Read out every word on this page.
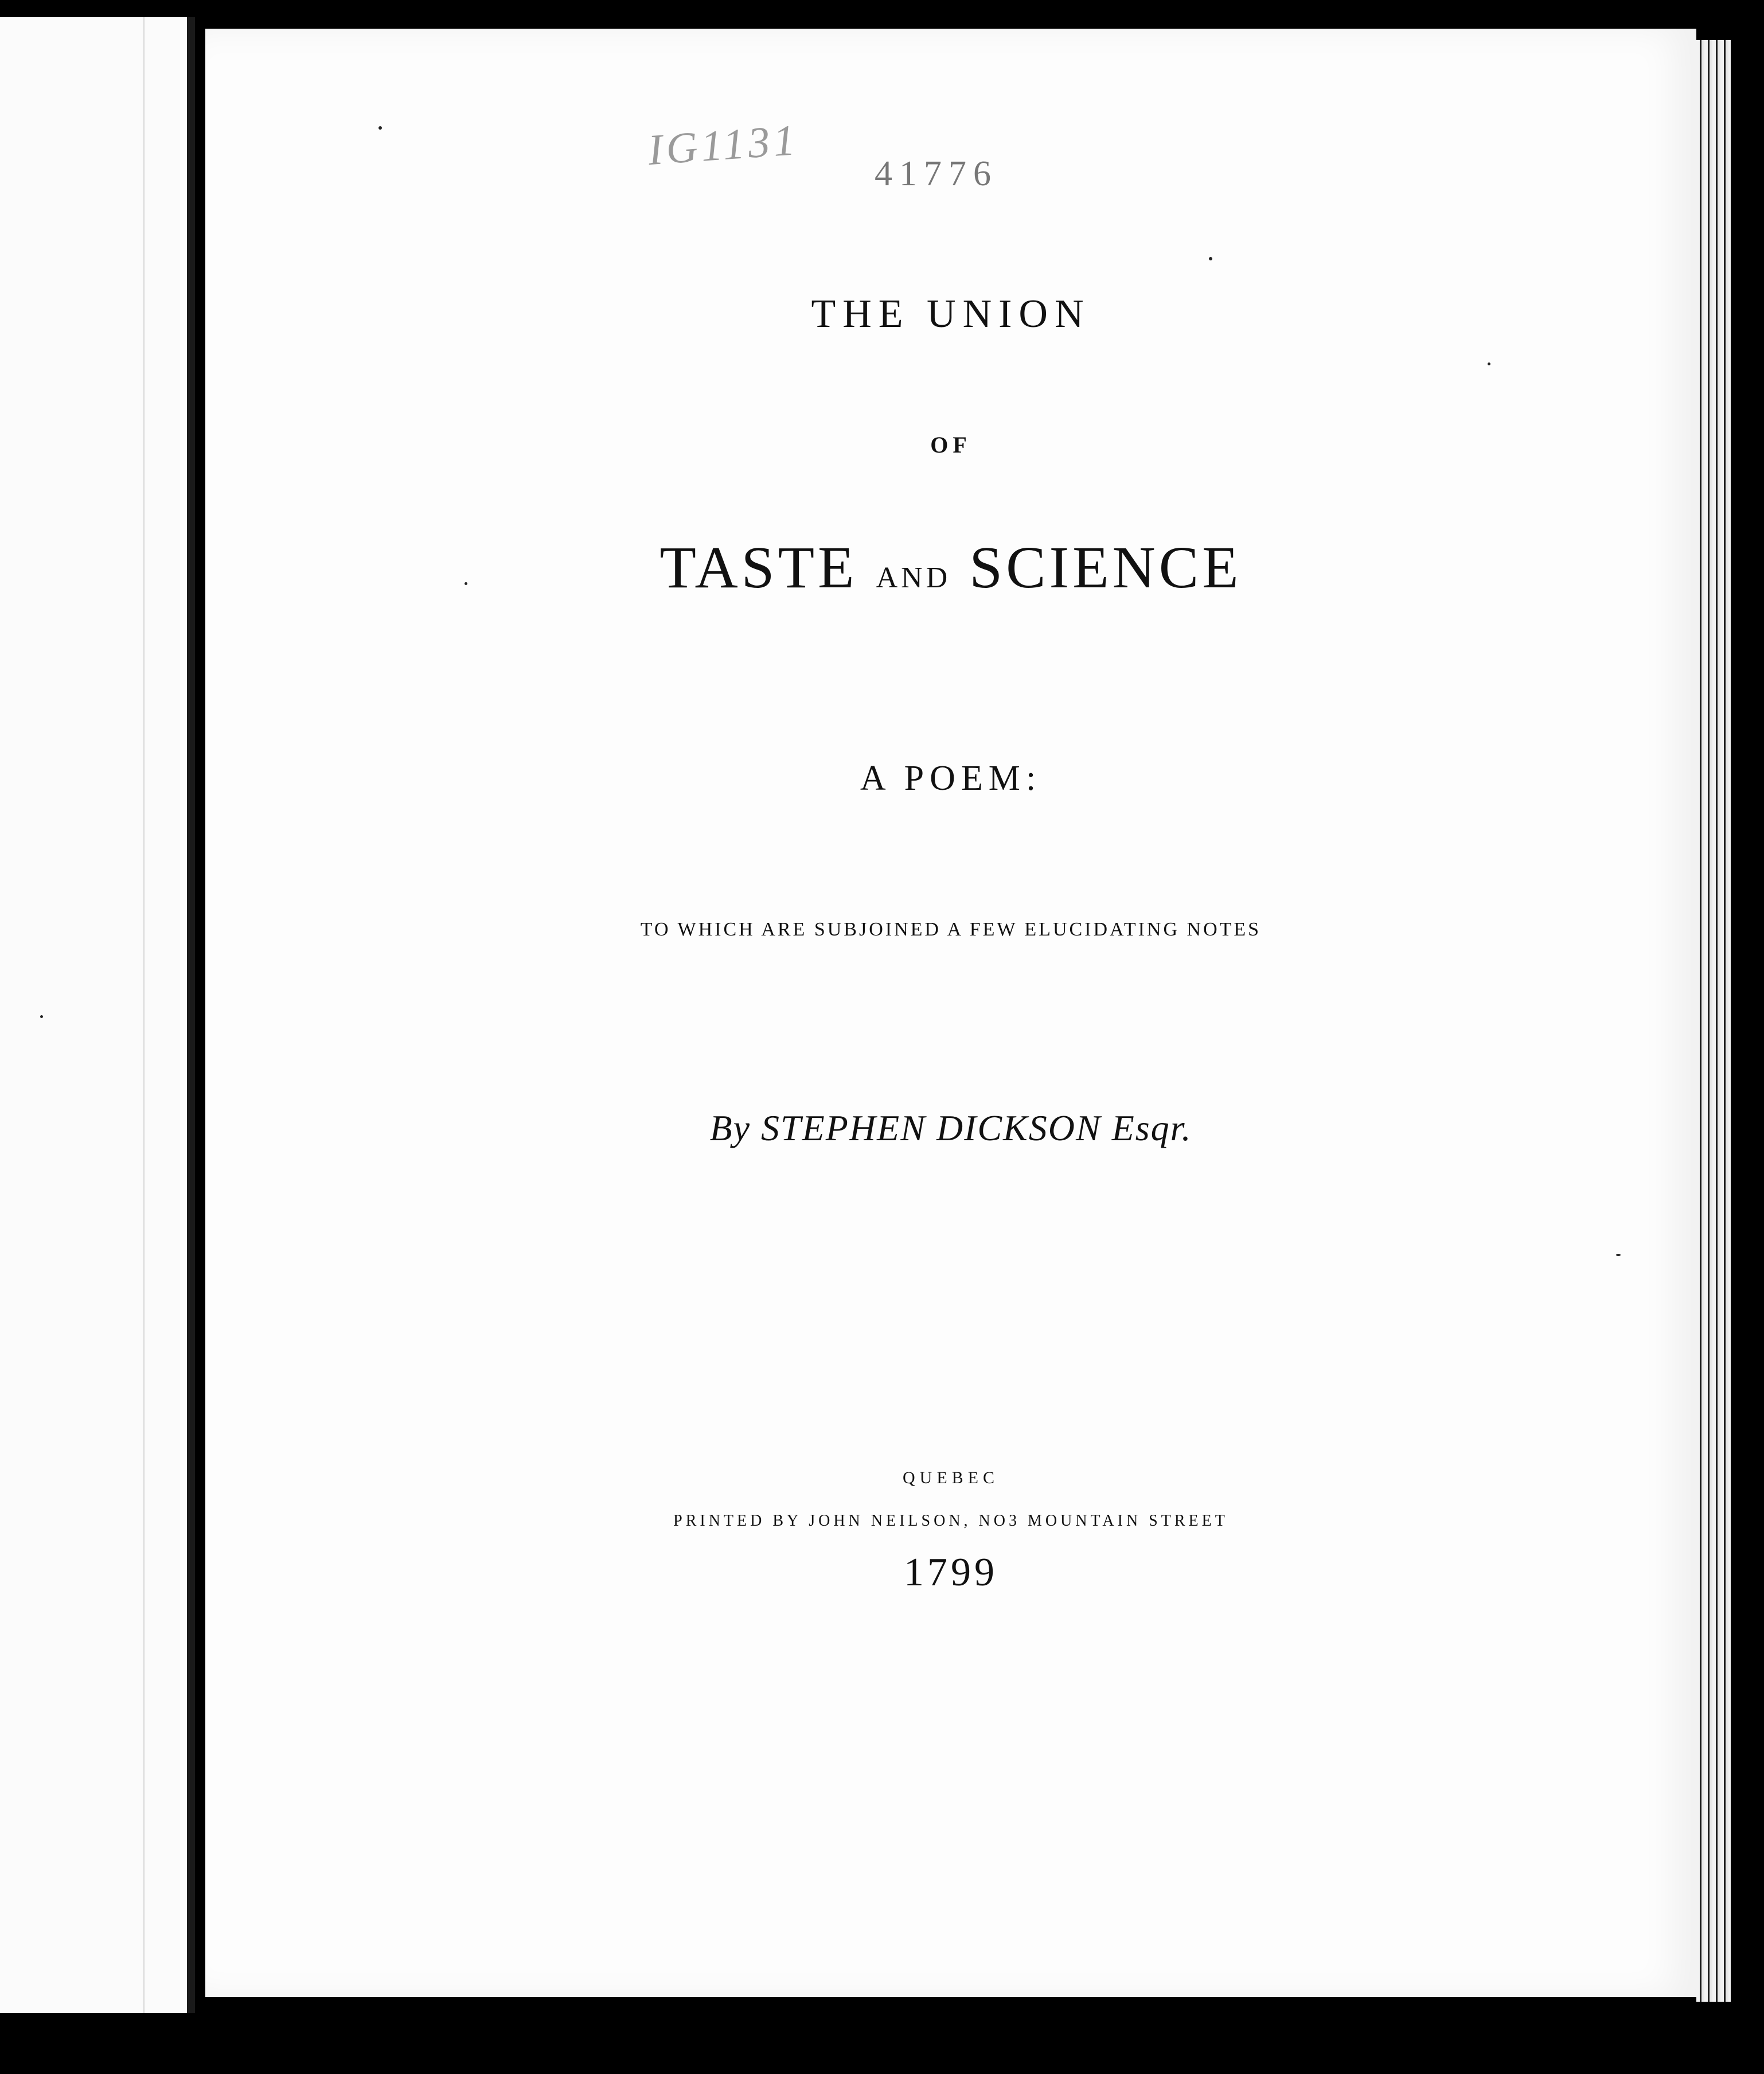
THE UNION
OF
TASTE AND SCIENCE
A POEM:
TO WHICH ARE SUBJOINED A FEW ELUCIDATING NOTES
By STEPHEN DICKSON Esqr.
QUEBEC
PRINTED BY JOHN NEILSON, NO3 MOUNTAIN STREET
1799
IG1131 41776
